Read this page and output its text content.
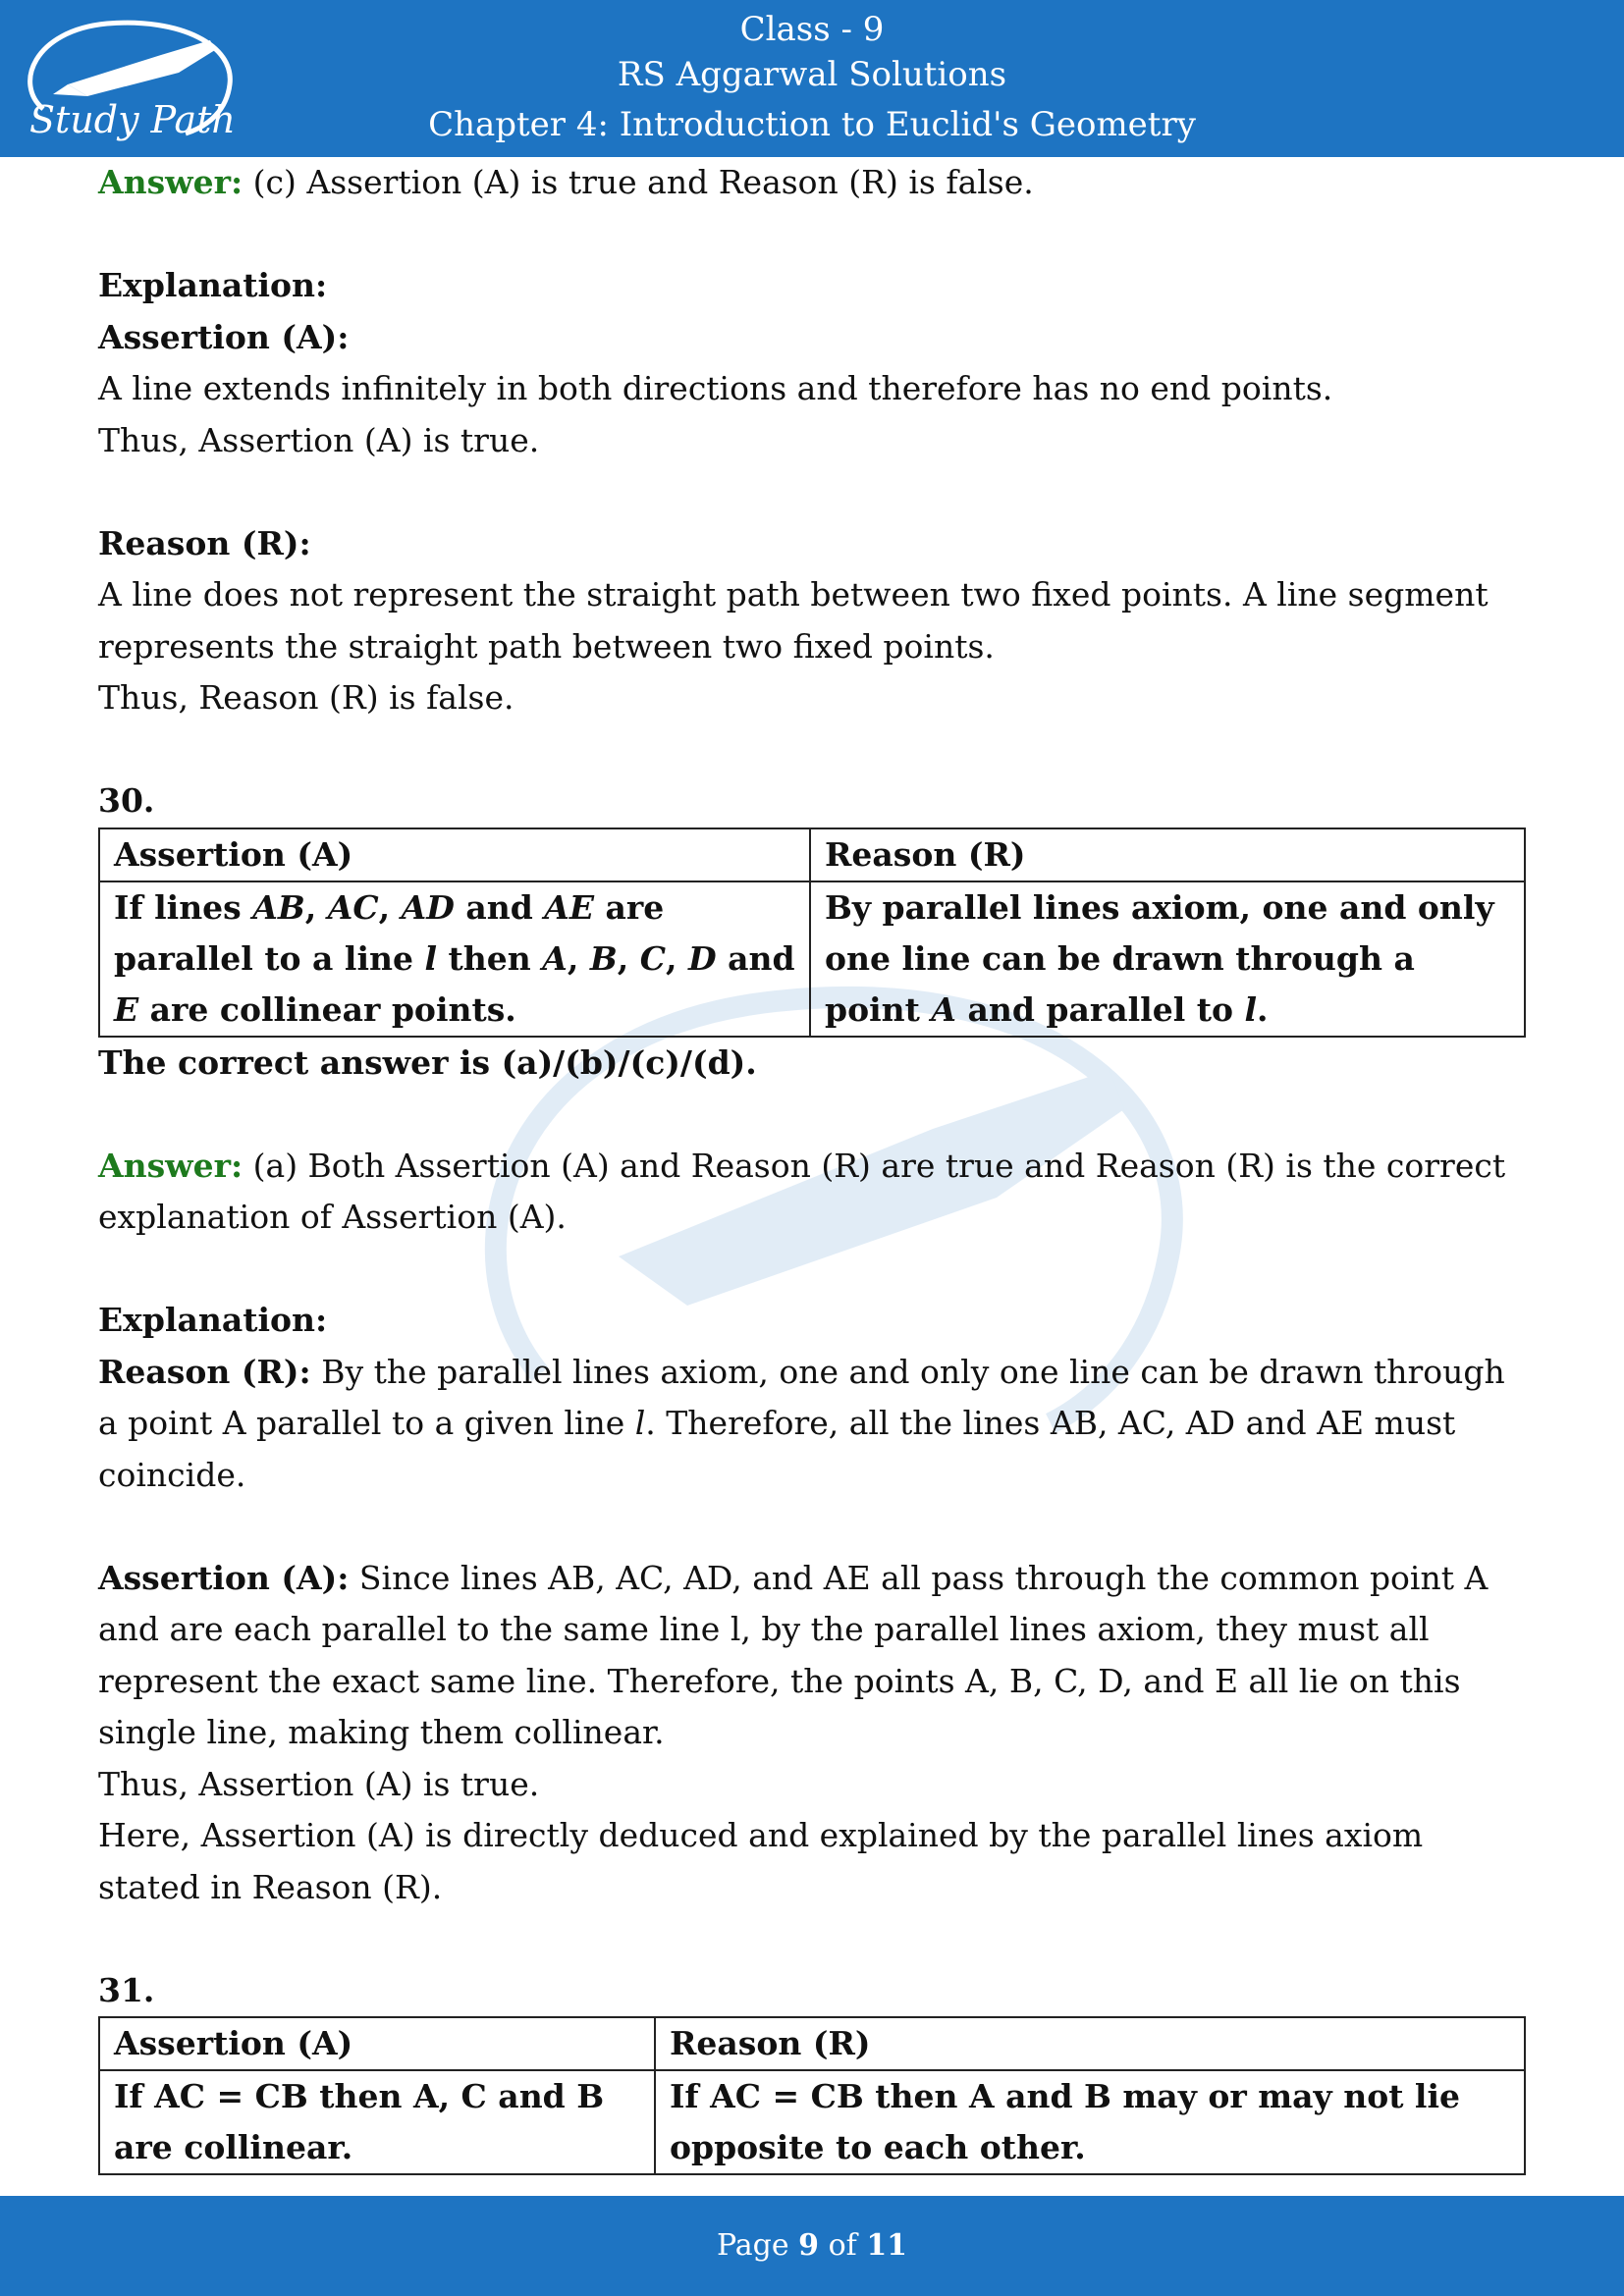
Study Path
Class - 9
RS Aggarwal Solutions
Chapter 4: Introduction to Euclid's Geometry

Answer: (c) Assertion (A) is true and Reason (R) is false.

Explanation:

Assertion (A):

A line extends infinitely in both directions and therefore has no end points.

Thus, Assertion (A) is true.

Reason (R):

A line does not represent the straight path between two fixed points. A line segment represents the straight path between two fixed points.

Thus, Reason (R) is false.

30.

Assertion (A)	Reason (R)
If lines AB, AC, AD and AE are parallel to a line l then A, B, C, D and E are collinear points.	By parallel lines axiom, one and only one line can be drawn through a point A and parallel to l.

The correct answer is (a)/(b)/(c)/(d).

Answer: (a) Both Assertion (A) and Reason (R) are true and Reason (R) is the correct explanation of Assertion (A).

Explanation:

Reason (R): By the parallel lines axiom, one and only one line can be drawn through a point A parallel to a given line l. Therefore, all the lines AB, AC, AD and AE must coincide.

Assertion (A): Since lines AB, AC, AD, and AE all pass through the common point A and are each parallel to the same line l, by the parallel lines axiom, they must all represent the exact same line. Therefore, the points A, B, C, D, and E all lie on this single line, making them collinear.

Thus, Assertion (A) is true.

Here, Assertion (A) is directly deduced and explained by the parallel lines axiom stated in Reason (R).

31.

Assertion (A)	Reason (R)
If AC = CB then A, C and B are collinear.	If AC = CB then A and B may or may not lie opposite to each other.
Page 9 of 11
